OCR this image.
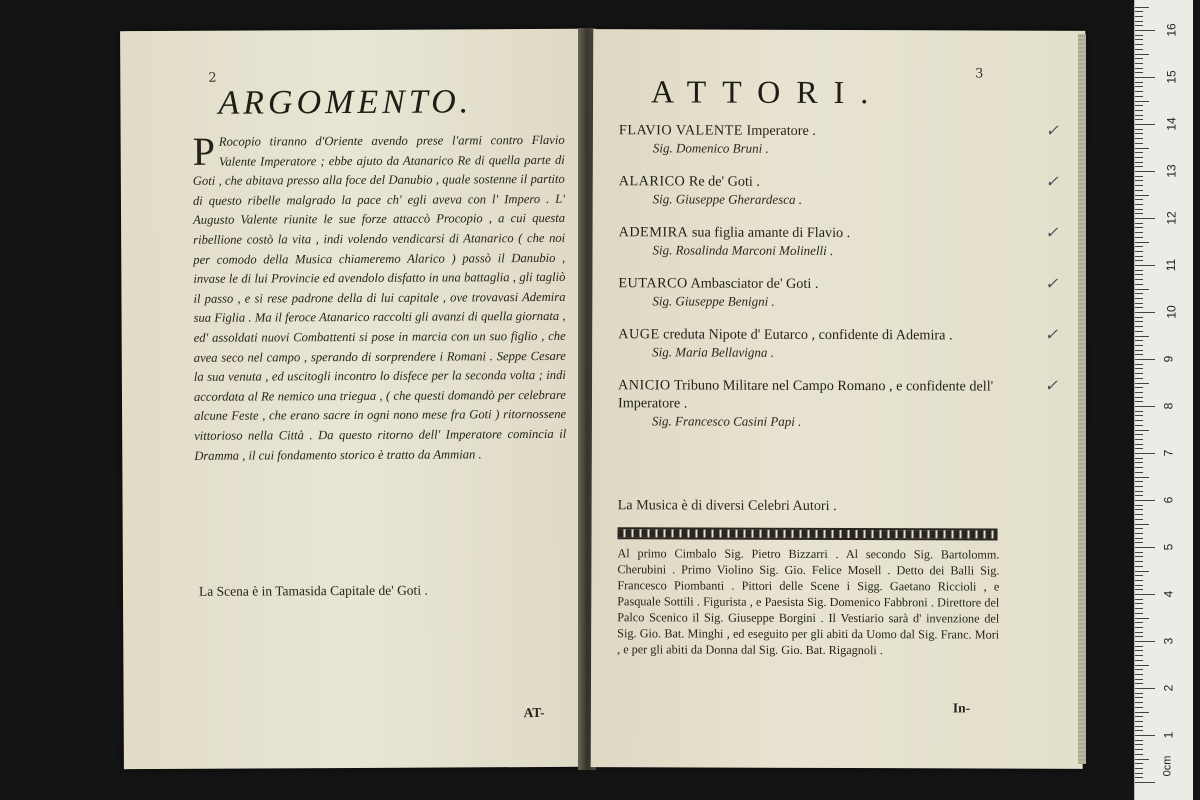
2
ARGOMENTO.
P Rocopio tiranno d'Oriente avendo prese l'armi contro Flavio Valente Imperatore ; ebbe ajuto da Atanarico Re di quella parte di Goti , che abitava presso alla foce del Danubio , quale sostenne il partito di questo ribelle malgrado la pace ch' egli aveva con l' Impero . L' Augusto Valente riunite le sue forze attaccò Procopio , a cui questa ribellione costò la vita , indi volendo vendicarsi di Atanarico ( che noi per comodo della Musica chiameremo Alarico ) passò il Danubio , invase le di lui Provincie ed avendolo disfatto in una battaglia , gli tagliò il passo , e si rese padrone della di lui capitale , ove trovavasi Ademira sua Figlia . Ma il feroce Atanarico raccolti gli avanzi di quella giornata , ed' assoldati nuovi Combattenti si pose in marcia con un suo figlio , che avea seco nel campo , sperando di sorprendere i Romani . Seppe Cesare la sua venuta , ed uscitogli incontro lo disfece per la seconda volta ; indi accordata al Re nemico una triegua , ( che questi domandò per celebrare alcune Feste , che erano sacre in ogni nono mese fra Goti ) ritornossene vittorioso nella Città . Da questo ritorno dell' Imperatore comincia il Dramma , il cui fondamento storico è tratto da Ammian .
La Scena è in Tamasida Capitale de' Goti .
AT-
3
ATTORI.
FLAVIO VALENTE Imperatore .
Sig. Domenico Bruni .
✓
ALARICO Re de' Goti .
Sig. Giuseppe Gherardesca .
✓
ADEMIRA sua figlia amante di Flavio .
Sig. Rosalinda Marconi Molinelli .
✓
EUTARCO Ambasciator de' Goti .
Sig. Giuseppe Benigni .
✓
AUGE creduta Nipote d' Eutarco , confidente di Ademira .
Sig. Maria Bellavigna .
✓
ANICIO Tribuno Militare nel Campo Romano , e confidente dell' Imperatore .
Sig. Francesco Casini Papi .
✓
La Musica è di diversi Celebri Autori .
Al primo Cimbalo Sig. Pietro Bizzarri . Al secondo Sig. Bartolomm. Cherubini . Primo Violino Sig. Gio. Felice Mosell . Detto dei Balli Sig. Francesco Piombanti . Pittori delle Scene i Sigg. Gaetano Riccioli , e Pasquale Sottili . Figurista , e Paesista Sig. Domenico Fabbroni . Direttore del Palco Scenico il Sig. Giuseppe Borgini . Il Vestiario sarà d' invenzione del Sig. Gio. Bat. Minghi , ed eseguito per gli abiti da Uomo dal Sig. Franc. Mori , e per gli abiti da Donna dal Sig. Gio. Bat. Rigagnoli .
In-
0cm
1
2
3
4
5
6
7
8
9
10
11
12
13
14
15
16
